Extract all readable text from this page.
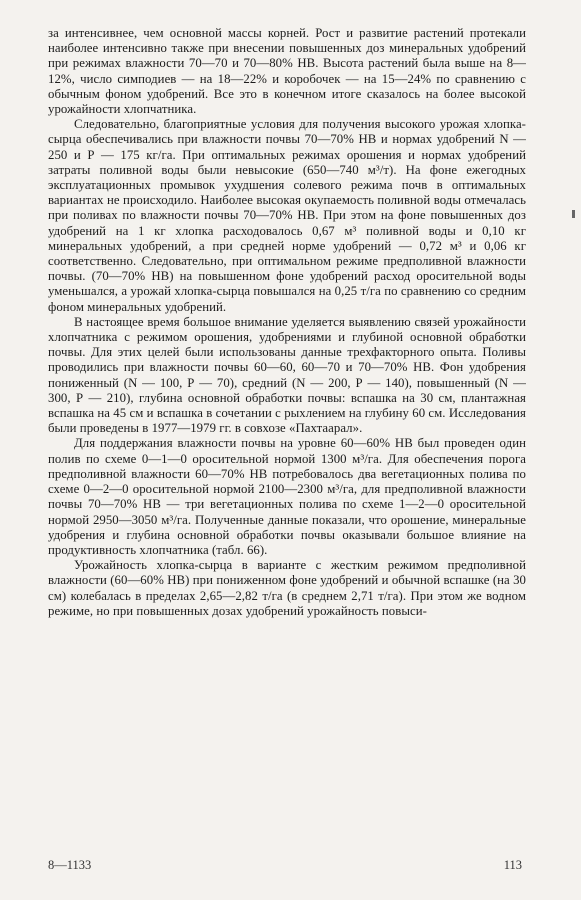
за интенсивнее, чем основной массы корней. Рост и развитие растений протекали наиболее интенсивно также при внесении повышенных доз минеральных удобрений при режимах влажности 70—70 и 70—80% НВ. Высота растений была выше на 8—12%, число симподиев — на 18—22% и коробочек — на 15—24% по сравнению с обычным фоном удобрений. Все это в конечном итоге сказалось на более высокой урожайности хлопчатника.

Следовательно, благоприятные условия для получения высокого урожая хлопка-сырца обеспечивались при влажности почвы 70—70% НВ и нормах удобрений N — 250 и Р — 175 кг/га. При оптимальных режимах орошения и нормах удобрений затраты поливной воды были невысокие (650—740 м³/т). На фоне ежегодных эксплуатационных промывок ухудшения солевого режима почв в оптимальных вариантах не происходило. Наиболее высокая окупаемость поливной воды отмечалась при поливах по влажности почвы 70—70% НВ. При этом на фоне повышенных доз удобрений на 1 кг хлопка расходовалось 0,67 м³ поливной воды и 0,10 кг минеральных удобрений, а при средней норме удобрений — 0,72 м³ и 0,06 кг соответственно. Следовательно, при оптимальном режиме предполивной влажности почвы. (70—70% НВ) на повышенном фоне удобрений расход оросительной воды уменьшался, а урожай хлопка-сырца повышался на 0,25 т/га по сравнению со средним фоном минеральных удобрений.

В настоящее время большое внимание уделяется выявлению связей урожайности хлопчатника с режимом орошения, удобрениями и глубиной основной обработки почвы. Для этих целей были использованы данные трехфакторного опыта. Поливы проводились при влажности почвы 60—60, 60—70 и 70—70% НВ. Фон удобрения пониженный (N — 100, Р — 70), средний (N — 200, Р — 140), повышенный (N — 300, Р — 210), глубина основной обработки почвы: вспашка на 30 см, плантажная вспашка на 45 см и вспашка в сочетании с рыхлением на глубину 60 см. Исследования были проведены в 1977—1979 гг. в совхозе «Пахтаарал».

Для поддержания влажности почвы на уровне 60—60% НВ был проведен один полив по схеме 0—1—0 оросительной нормой 1300 м³/га. Для обеспечения порога предполивной влажности 60—70% НВ потребовалось два вегетационных полива по схеме 0—2—0 оросительной нормой 2100—2300 м³/га, для предполивной влажности почвы 70—70% НВ — три вегетационных полива по схеме 1—2—0 оросительной нормой 2950—3050 м³/га. Полученные данные показали, что орошение, минеральные удобрения и глубина основной обработки почвы оказывали большое влияние на продуктивность хлопчатника (табл. 66).

Урожайность хлопка-сырца в варианте с жестким режимом предполивной влажности (60—60% НВ) при пониженном фоне удобрений и обычной вспашке (на 30 см) колебалась в пределах 2,65—2,82 т/га (в среднем 2,71 т/га). При этом же водном режиме, но при повышенных дозах удобрений урожайность повыси-

8—1133	113
